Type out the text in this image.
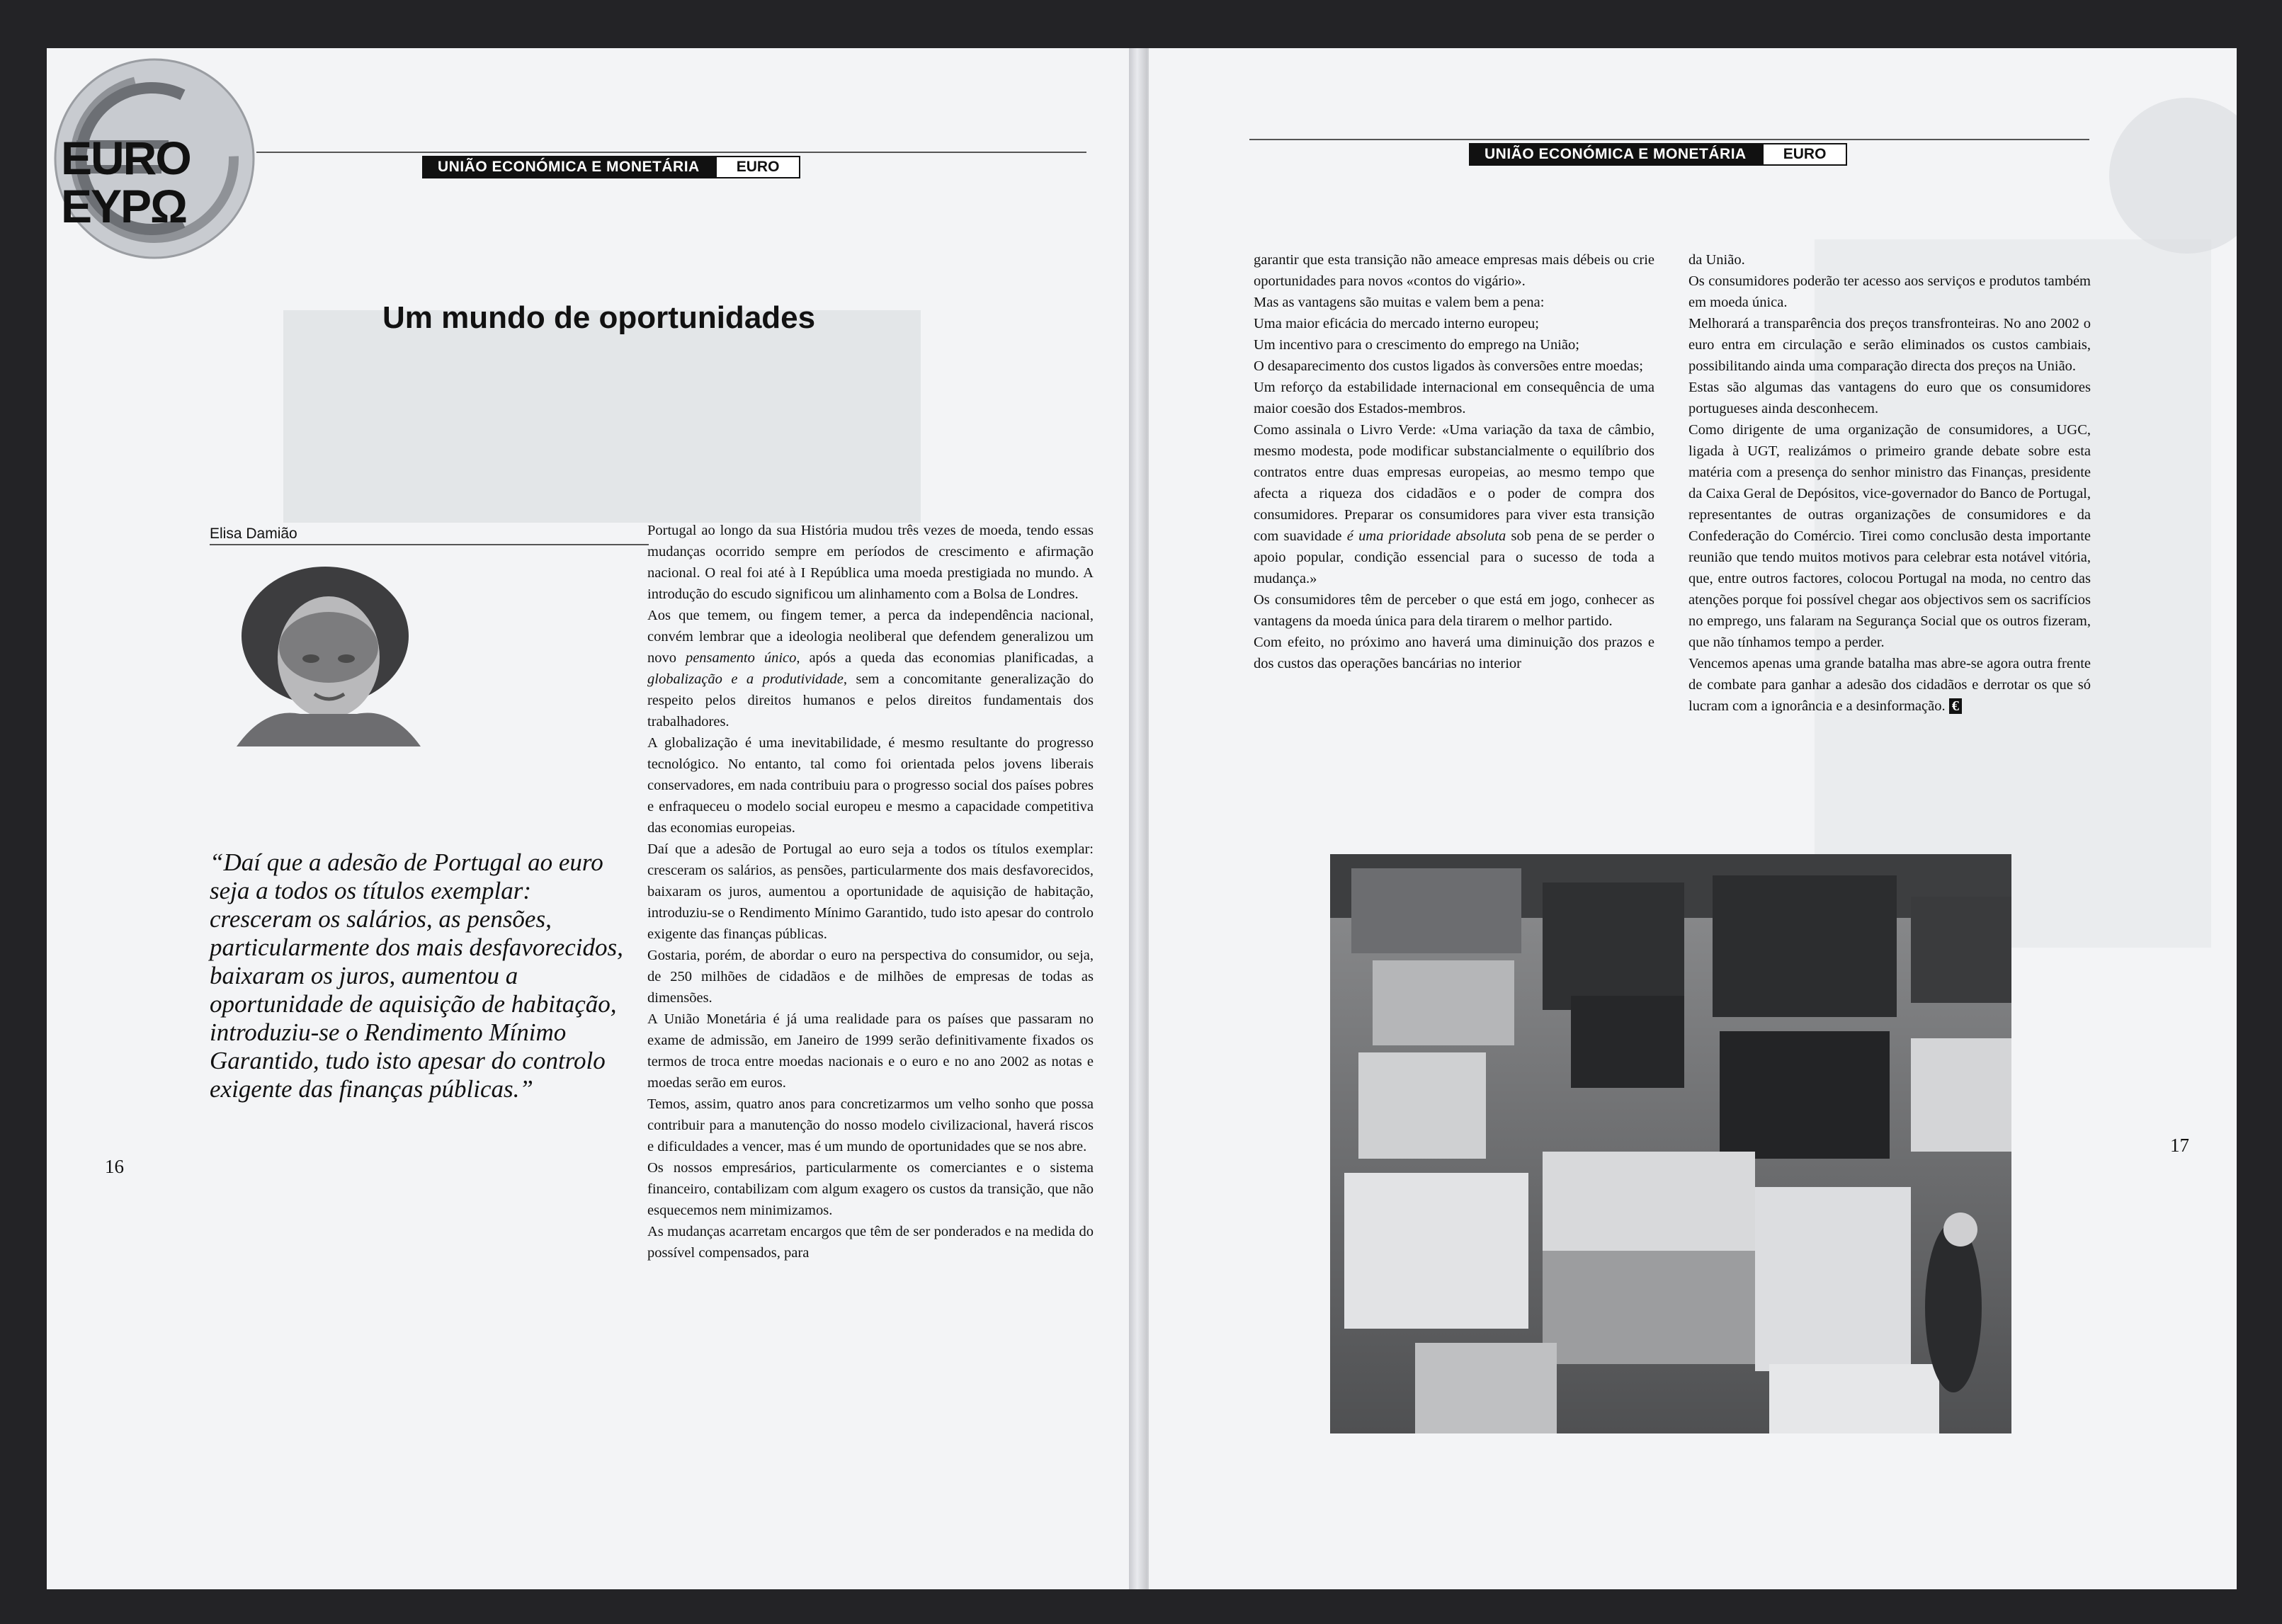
EURO
EYPΩ
UNIÃO ECONÓMICA E MONETÁRIA	EURO
Um mundo de oportunidades
Elisa Damião

“Daí que a adesão de Portugal ao euro seja a todos os títulos exemplar: cresceram os salários, as pensões, particularmente dos mais desfavorecidos, baixaram os juros, aumentou a oportunidade de aquisição de habitação, introduziu-se o Rendimento Mínimo Garantido, tudo isto apesar do controlo exigente das finanças públicas.”

16

Portugal ao longo da sua História mudou três vezes de moeda, tendo essas mudanças ocorrido sempre em períodos de crescimento e afirmação nacional. O real foi até à I República uma moeda prestigiada no mundo. A introdução do escudo significou um alinhamento com a Bolsa de Londres.

Aos que temem, ou fingem temer, a perca da independência nacional, convém lembrar que a ideologia neoliberal que defendem generalizou um novo pensamento único, após a queda das economias planificadas, a globalização e a produtividade, sem a concomitante generalização do respeito pelos direitos humanos e pelos direitos fundamentais dos trabalhadores.

A globalização é uma inevitabilidade, é mesmo resultante do progresso tecnológico. No entanto, tal como foi orientada pelos jovens liberais conservadores, em nada contribuiu para o progresso social dos países pobres e enfraqueceu o modelo social europeu e mesmo a capacidade competitiva das economias europeias.

Daí que a adesão de Portugal ao euro seja a todos os títulos exemplar: cresceram os salários, as pensões, particularmente dos mais desfavorecidos, baixaram os juros, aumentou a oportunidade de aquisição de habitação, introduziu-se o Rendimento Mínimo Garantido, tudo isto apesar do controlo exigente das finanças públicas.

Gostaria, porém, de abordar o euro na perspectiva do consumidor, ou seja, de 250 milhões de cidadãos e de milhões de empresas de todas as dimensões.

A União Monetária é já uma realidade para os países que passaram no exame de admissão, em Janeiro de 1999 serão definitivamente fixados os termos de troca entre moedas nacionais e o euro e no ano 2002 as notas e moedas serão em euros.

Temos, assim, quatro anos para concretizarmos um velho sonho que possa contribuir para a manutenção do nosso modelo civilizacional, haverá riscos e dificuldades a vencer, mas é um mundo de oportunidades que se nos abre.

Os nossos empresários, particularmente os comerciantes e o sistema financeiro, contabilizam com algum exagero os custos da transição, que não esquecemos nem minimizamos.

As mudanças acarretam encargos que têm de ser ponderados e na medida do possível compensados, para

UNIÃO ECONÓMICA E MONETÁRIA	EURO

garantir que esta transição não ameace empresas mais débeis ou crie oportunidades para novos «contos do vigário».

Mas as vantagens são muitas e valem bem a pena:

Uma maior eficácia do mercado interno europeu;

Um incentivo para o crescimento do emprego na União;

O desaparecimento dos custos ligados às conversões entre moedas;

Um reforço da estabilidade internacional em consequência de uma maior coesão dos Estados-membros.

Como assinala o Livro Verde: «Uma variação da taxa de câmbio, mesmo modesta, pode modificar substancialmente o equilíbrio dos contratos entre duas empresas europeias, ao mesmo tempo que afecta a riqueza dos cidadãos e o poder de compra dos consumidores. Preparar os consumidores para viver esta transição com suavidade é uma prioridade absoluta sob pena de se perder o apoio popular, condição essencial para o sucesso de toda a mudança.»

Os consumidores têm de perceber o que está em jogo, conhecer as vantagens da moeda única para dela tirarem o melhor partido.

Com efeito, no próximo ano haverá uma diminuição dos prazos e dos custos das operações bancárias no interior

da União.

Os consumidores poderão ter acesso aos serviços e produtos também em moeda única.

Melhorará a transparência dos preços transfronteiras. No ano 2002 o euro entra em circulação e serão eliminados os custos cambiais, possibilitando ainda uma comparação directa dos preços na União.

Estas são algumas das vantagens do euro que os consumidores portugueses ainda desconhecem.

Como dirigente de uma organização de consumidores, a UGC, ligada à UGT, realizámos o primeiro grande debate sobre esta matéria com a presença do senhor ministro das Finanças, presidente da Caixa Geral de Depósitos, vice-governador do Banco de Portugal, representantes de outras organizações de consumidores e da Confederação do Comércio. Tirei como conclusão desta importante reunião que tendo muitos motivos para celebrar esta notável vitória, que, entre outros factores, colocou Portugal na moda, no centro das atenções porque foi possível chegar aos objectivos sem os sacrifícios no emprego, uns falaram na Segurança Social que os outros fizeram, que não tínhamos tempo a perder.

Vencemos apenas uma grande batalha mas abre-se agora outra frente de combate para ganhar a adesão dos cidadãos e derrotar os que só lucram com a ignorância e a desinformação. €

17
